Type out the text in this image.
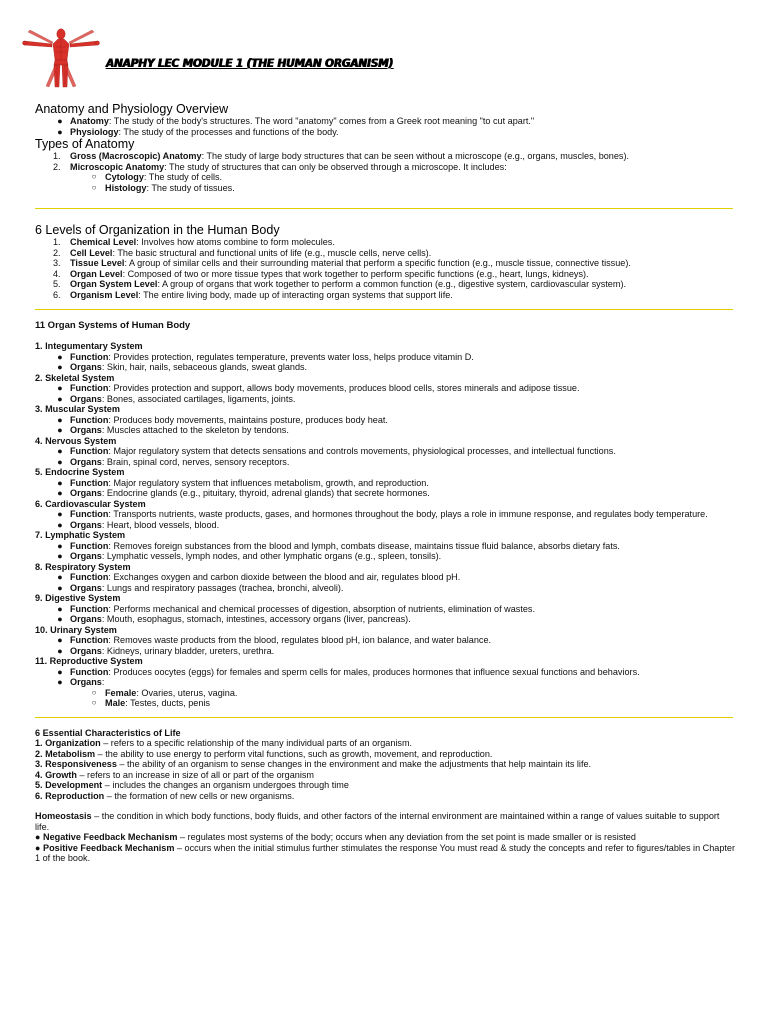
ANAPHY LEC MODULE 1 (THE HUMAN ORGANISM)
Anatomy and Physiology Overview
● Anatomy: The study of the body's structures. The word "anatomy" comes from a Greek root meaning "to cut apart."
● Physiology: The study of the processes and functions of the body.
Types of Anatomy
1.	Gross (Macroscopic) Anatomy: The study of large body structures that can be seen without a microscope (e.g., organs, muscles, bones).
2.	Microscopic Anatomy: The study of structures that can only be observed through a microscope. It includes:
○ Cytology: The study of cells.
○ Histology: The study of tissues.
6 Levels of Organization in the Human Body
1.	Chemical Level: Involves how atoms combine to form molecules.
2.	Cell Level: The basic structural and functional units of life (e.g., muscle cells, nerve cells).
3.	Tissue Level: A group of similar cells and their surrounding material that perform a specific function (e.g., muscle tissue, connective tissue).
4.	Organ Level: Composed of two or more tissue types that work together to perform specific functions (e.g., heart, lungs, kidneys).
5.	Organ System Level: A group of organs that work together to perform a common function (e.g., digestive system, cardiovascular system).
6.	Organism Level: The entire living body, made up of interacting organ systems that support life.
11 Organ Systems of Human Body
1. Integumentary System
● Function: Provides protection, regulates temperature, prevents water loss, helps produce vitamin D.
● Organs: Skin, hair, nails, sebaceous glands, sweat glands.
2. Skeletal System
● Function: Provides protection and support, allows body movements, produces blood cells, stores minerals and adipose tissue.
● Organs: Bones, associated cartilages, ligaments, joints.
3. Muscular System
● Function: Produces body movements, maintains posture, produces body heat.
● Organs: Muscles attached to the skeleton by tendons.
4. Nervous System
● Function: Major regulatory system that detects sensations and controls movements, physiological processes, and intellectual functions.
● Organs: Brain, spinal cord, nerves, sensory receptors.
5. Endocrine System
● Function: Major regulatory system that influences metabolism, growth, and reproduction.
● Organs: Endocrine glands (e.g., pituitary, thyroid, adrenal glands) that secrete hormones.
6. Cardiovascular System
● Function: Transports nutrients, waste products, gases, and hormones throughout the body, plays a role in immune response, and regulates body temperature.
● Organs: Heart, blood vessels, blood.
7. Lymphatic System
● Function: Removes foreign substances from the blood and lymph, combats disease, maintains tissue fluid balance, absorbs dietary fats.
● Organs: Lymphatic vessels, lymph nodes, and other lymphatic organs (e.g., spleen, tonsils).
8. Respiratory System
● Function: Exchanges oxygen and carbon dioxide between the blood and air, regulates blood pH.
● Organs: Lungs and respiratory passages (trachea, bronchi, alveoli).
9. Digestive System
● Function: Performs mechanical and chemical processes of digestion, absorption of nutrients, elimination of wastes.
● Organs: Mouth, esophagus, stomach, intestines, accessory organs (liver, pancreas).
10. Urinary System
● Function: Removes waste products from the blood, regulates blood pH, ion balance, and water balance.
● Organs: Kidneys, urinary bladder, ureters, urethra.
11. Reproductive System
● Function: Produces oocytes (eggs) for females and sperm cells for males, produces hormones that influence sexual functions and behaviors.
● Organs:
○ Female: Ovaries, uterus, vagina.
○ Male: Testes, ducts, penis
6 Essential Characteristics of Life
1. Organization – refers to a specific relationship of the many individual parts of an organism.
2. Metabolism – the ability to use energy to perform vital functions, such as growth, movement, and reproduction.
3. Responsiveness – the ability of an organism to sense changes in the environment and make the adjustments that help maintain its life.
4. Growth – refers to an increase in size of all or part of the organism
5. Development – includes the changes an organism undergoes through time
6. Reproduction – the formation of new cells or new organisms.
Homeostasis – the condition in which body functions, body fluids, and other factors of the internal environment are maintained within a range of values suitable to support life.
● Negative Feedback Mechanism – regulates most systems of the body; occurs when any deviation from the set point is made smaller or is resisted
● Positive Feedback Mechanism – occurs when the initial stimulus further stimulates the response You must read & study the concepts and refer to figures/tables in Chapter 1 of the book.
